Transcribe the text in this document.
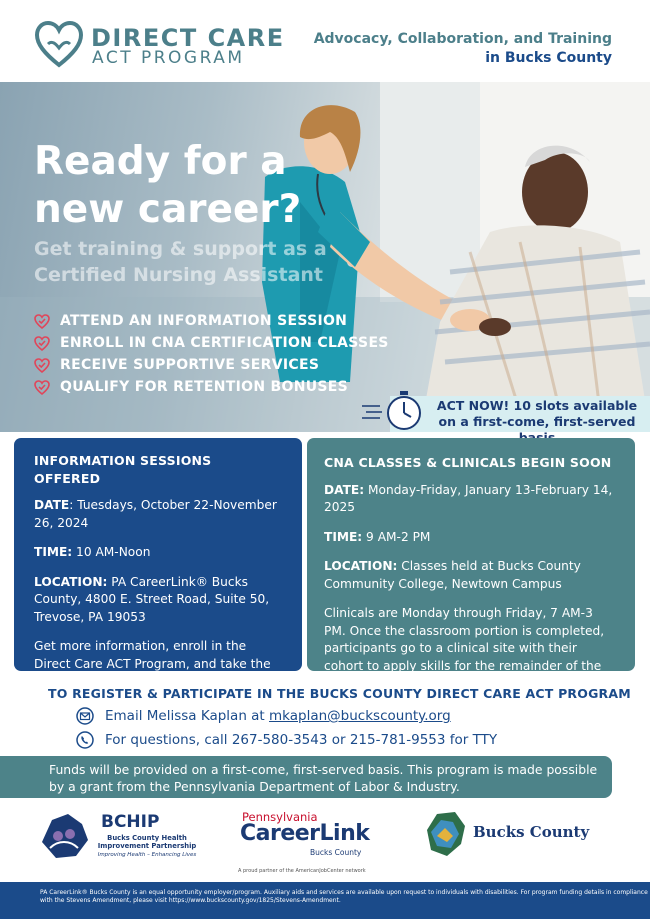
DIRECT CARE
ACT PROGRAM
Advocacy, Collaboration, and Training
in Bucks County
Ready for a
new career?
Get training & support as a
Certified Nursing Assistant
ATTEND AN INFORMATION SESSION
ENROLL IN CNA CERTIFICATION CLASSES
RECEIVE SUPPORTIVE SERVICES
QUALIFY FOR RETENTION BONUSES
ACT NOW! 10 slots available
on a first-come, first-served
INFORMATION SESSIONS OFFERED

DATE: Tuesdays, October 22-November 26, 2024

TIME: 10 AM-Noon

LOCATION: PA CareerLink® Bucks County, 4800 E. Street Road, Suite 50, Trevose, PA 19053

Get more information, enroll in the Direct Care ACT Program, and take the required entrance exam.

CNA CLASSES & CLINICALS BEGIN SOON

DATE: Monday-Friday, January 13-February 14, 2025

TIME: 9 AM-2 PM

LOCATION: Classes held at Bucks County Community College, Newtown Campus

Clinicals are Monday through Friday, 7 AM-3 PM. Once the classroom portion is completed, participants go to a clinical site with their cohort to apply skills for the remainder of the course.

TO REGISTER & PARTICIPATE IN THE BUCKS COUNTY DIRECT CARE ACT PROGRAM
Email Melissa Kaplan at mkaplan@buckscounty.org
For questions, call 267-580-3543 or 215-781-9553 for TTY
Funds will be provided on a first-come, first-served basis. This program is made possible by a grant from the Pennsylvania Department of Labor & Industry.
BCHIP
Bucks County Health Improvement Partnership
Improving Health – Enhancing Lives
Pennsylvania
CareerLink
Bucks County
A proud partner of the AmericanJobCenter network
Bucks County
PA CareerLink® Bucks County is an equal opportunity employer/program. Auxiliary aids and services are available upon request to individuals with disabilities. For program funding details in compliance with the Stevens Amendment, please visit https://www.buckscounty.gov/1825/Stevens-Amendment.
